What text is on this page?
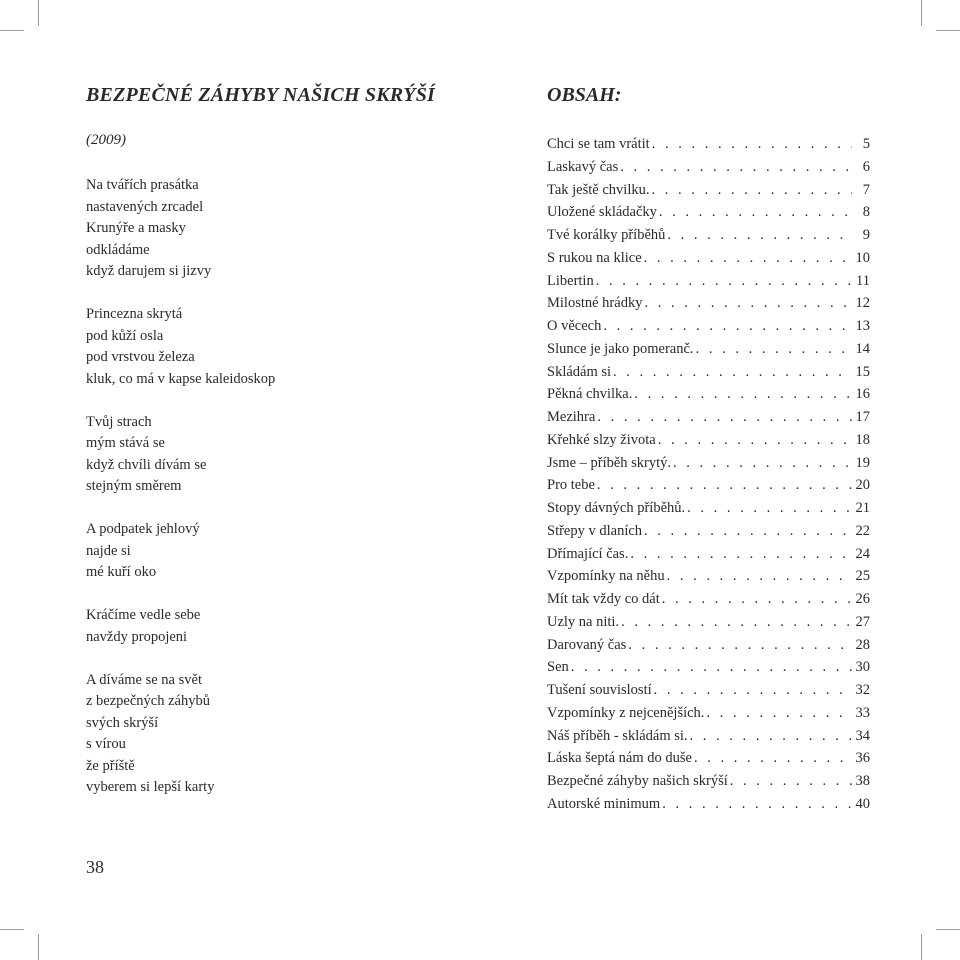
BEZPEČNÉ ZÁHYBY NAŠICH SKRÝŠÍ
(2009)
Na tvářích prasátka
nastavených zrcadel
Krunýře a masky
odkládáme
když darujem si jizvy
Princezna skrytá
pod kůží osla
pod vrstvou železa
kluk, co má v kapse kaleidoskop
Tvůj strach
mým stává se
když chvíli dívám se
stejným směrem
A podpatek jehlový
najde si
mé kuří oko
Kráčíme vedle sebe
navždy propojeni
A díváme se na svět
z bezpečných záhybů
svých skrýší
s vírou
že příště
vyberem si lepší karty
38
OBSAH:
Chci se tam vrátit . . .	5
Laskavý čas . . .	6
Tak ještě chvilku. . . .	7
Uložené skládačky . . .	8
Tvé korálky příběhů . . .	9
S rukou na klice . . .	10
Libertin . . .	11
Milostné hrádky . . .	12
O věcech . . .	13
Slunce je jako pomeranč. . . .	14
Skládám si . . .	15
Pěkná chvilka. . . .	16
Mezihra . . .	17
Křehké slzy života . . .	18
Jsme – příběh skrytý. . . .	19
Pro tebe . . .	20
Stopy dávných příběhů. . . .	21
Střepy v dlaních . . .	22
Dřímající čas. . . .	24
Vzpomínky na něhu . . .	25
Mít tak vždy co dát . . .	26
Uzly na niti. . . .	27
Darovaný čas . . .	28
Sen . . .	30
Tušení souvislostí . . .	32
Vzpomínky z nejcenějších. . . .	33
Náš příběh - skládám si. . . .	34
Láska šeptá nám do duše . . .	36
Bezpečné záhyby našich skrýší . . .	38
Autorské minimum . . .	40
